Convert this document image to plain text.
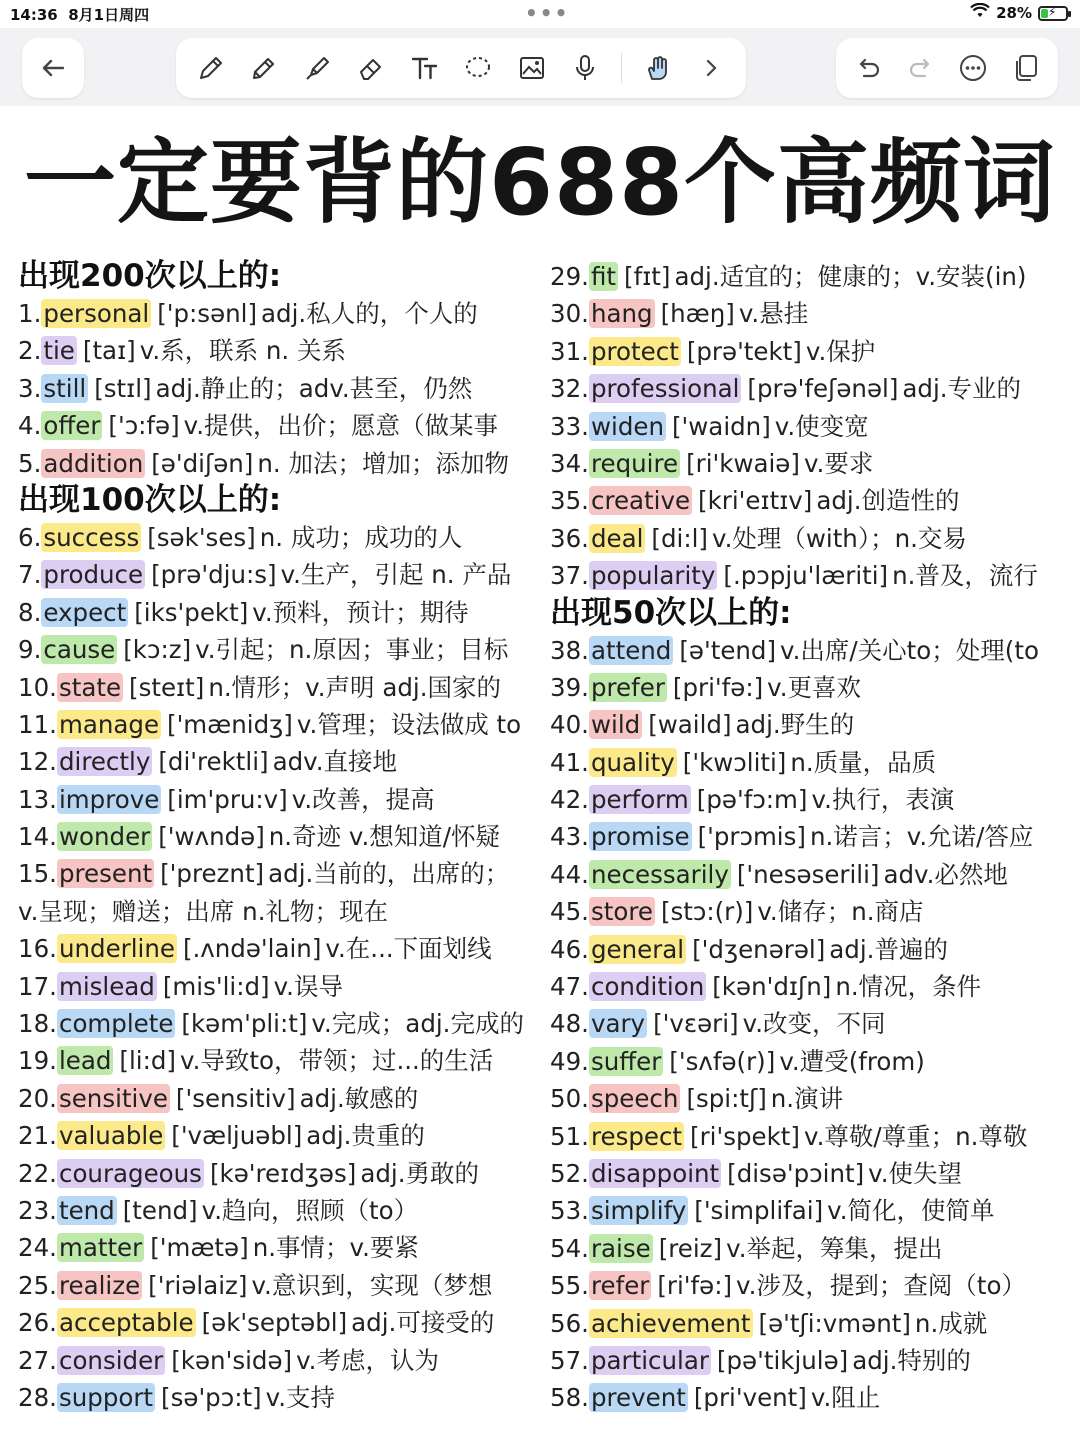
14:36 8月1日周四	•••	28% ⚡
一定要背的688个高频词
出现200次以上的:
1.personal ['p:sənl] adj.私人的，个人的
2.tie [taɪ] v.系，联系 n. 关系
3.still [stɪl] adj.静止的；adv.甚至，仍然
4.offer ['ɔ:fə] v.提供，出价；愿意（做某事
5.addition [ə'diʃən] n. 加法；增加；添加物
出现100次以上的:
6.success [sək'ses] n. 成功；成功的人
7.produce [prə'dju:s] v.生产，引起 n. 产品
8.expect [iks'pekt] v.预料，预计；期待
9.cause [kɔ:z] v.引起；n.原因；事业；目标
10.state [steɪt] n.情形；v.声明 adj.国家的
11.manage ['mænidʒ] v.管理；设法做成 to
12.directly [di'rektli] adv.直接地
13.improve [im'pru:v] v.改善，提高
14.wonder ['wʌndə] n.奇迹 v.想知道/怀疑
15.present ['preznt] adj.当前的，出席的；
v.呈现；赠送；出席 n.礼物；现在
16.underline [.ʌndə'lain] v.在...下面划线
17.mislead [mis'li:d] v.误导
18.complete [kəm'pli:t] v.完成；adj.完成的
19.lead [li:d] v.导致to，带领；过...的生活
20.sensitive ['sensitiv] adj.敏感的
21.valuable ['væljuəbl] adj.贵重的
22.courageous [kə'reɪdʒəs] adj.勇敢的
23.tend [tend] v.趋向，照顾（to）
24.matter ['mætə] n.事情；v.要紧
25.realize ['riəlaiz] v.意识到，实现（梦想
26.acceptable [ək'septəbl] adj.可接受的
27.consider [kən'sidə] v.考虑，认为
28.support [sə'pɔ:t] v.支持
29.fit [fɪt] adj.适宜的；健康的；v.安装(in)
30.hang [hæŋ] v.悬挂
31.protect [prə'tekt] v.保护
32.professional [prə'feʃənəl] adj.专业的
33.widen ['waidn] v.使变宽
34.require [ri'kwaiə] v.要求
35.creative [kri'eɪtɪv] adj.创造性的
36.deal [di:l] v.处理（with）；n.交易
37.popularity [.pɔpju'læriti] n.普及，流行
出现50次以上的:
38.attend [ə'tend] v.出席/关心to；处理(to
39.prefer [pri'fə:] v.更喜欢
40.wild [waild] adj.野生的
41.quality ['kwɔliti] n.质量，品质
42.perform [pə'fɔ:m] v.执行，表演
43.promise ['prɔmis] n.诺言；v.允诺/答应
44.necessarily ['nesəserili] adv.必然地
45.store [stɔ:(r)] v.储存；n.商店
46.general ['dʒenərəl] adj.普遍的
47.condition [kən'dɪʃn] n.情况，条件
48.vary ['vɛəri] v.改变，不同
49.suffer ['sʌfə(r)] v.遭受(from)
50.speech [spi:tʃ] n.演讲
51.respect [ri'spekt] v.尊敬/尊重；n.尊敬
52.disappoint [disə'pɔint] v.使失望
53.simplify ['simplifai] v.简化，使简单
54.raise [reiz] v.举起，筹集，提出
55.refer [ri'fə:] v.涉及，提到；查阅（to）
56.achievement [ə'tʃi:vmənt] n.成就
57.particular [pə'tikjulə] adj.特别的
58.prevent [pri'vent] v.阻止
